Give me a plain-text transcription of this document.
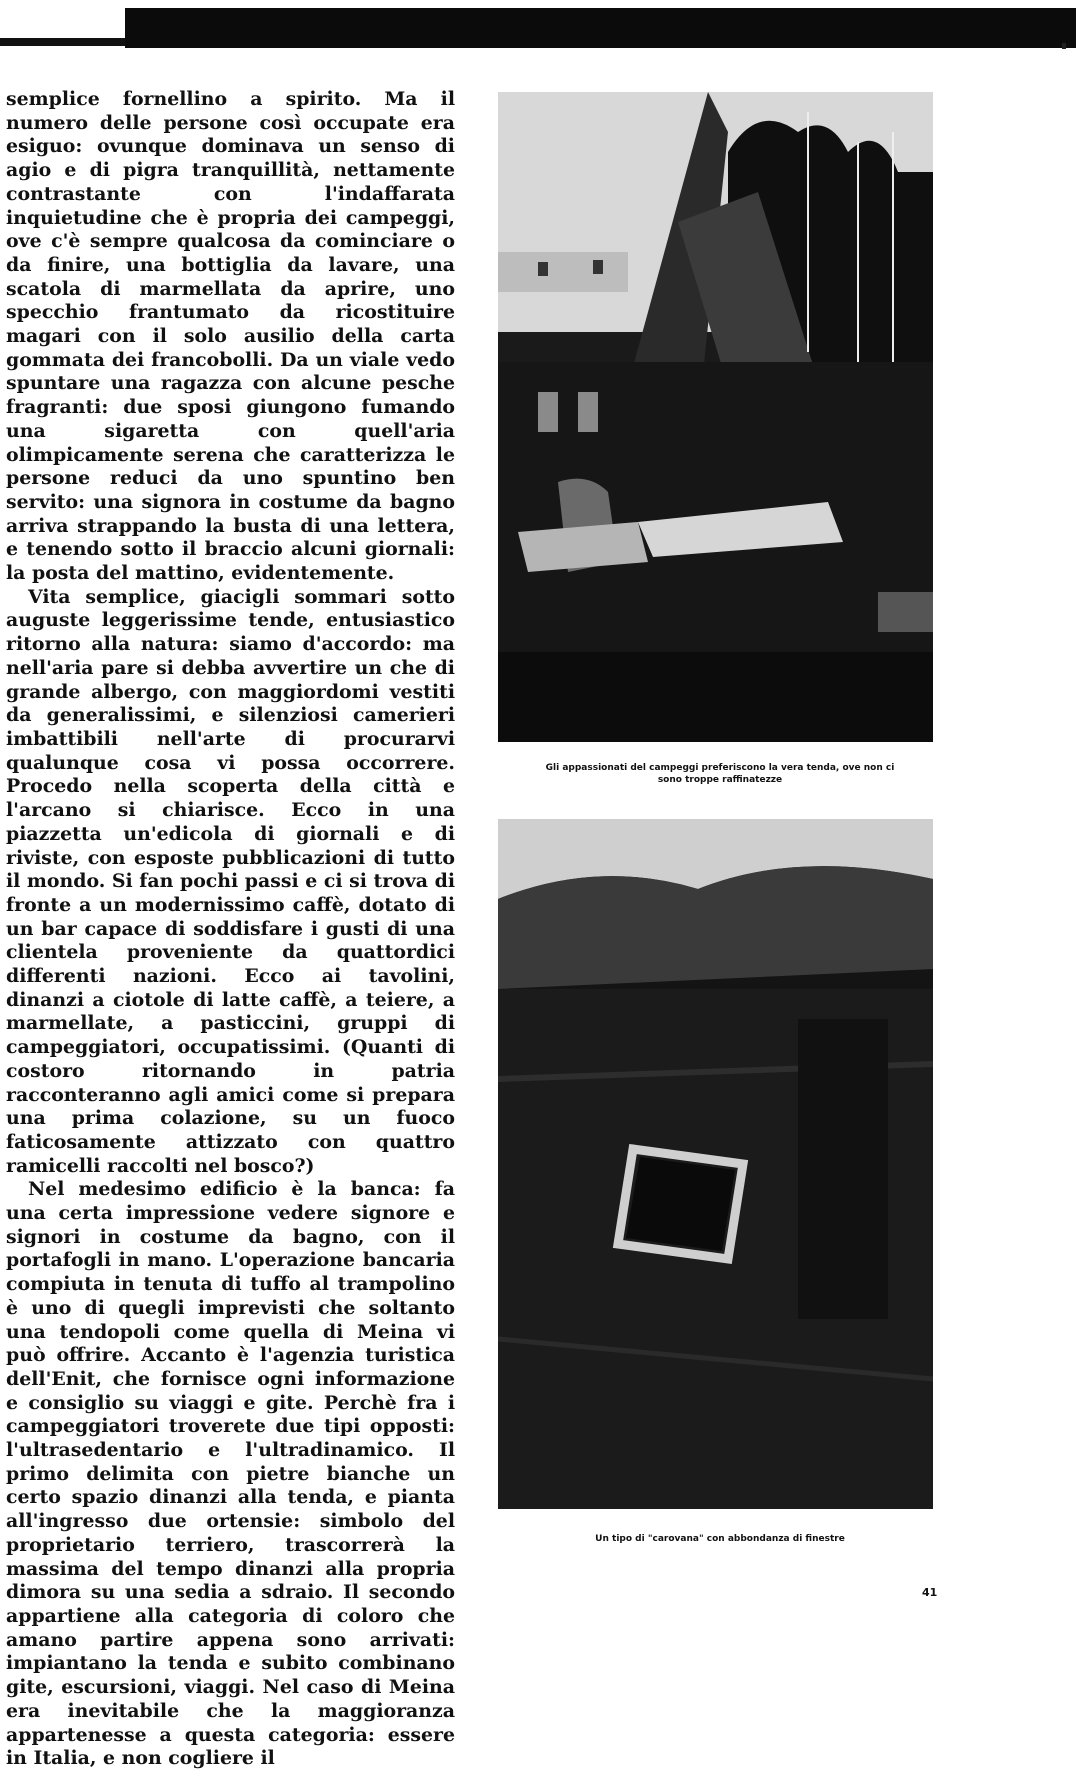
semplice fornellino a spirito. Ma il numero delle persone così occupate era esiguo: ovunque dominava un senso di agio e di pigra tranquillità, nettamente contrastante con l'indaffarata inquietudine che è propria dei campeggi, ove c'è sempre qualcosa da cominciare o da finire, una bottiglia da lavare, una scatola di marmellata da aprire, uno specchio frantumato da ricostituire magari con il solo ausilio della carta gommata dei francobolli. Da un viale vedo spuntare una ragazza con alcune pesche fragranti: due sposi giungono fumando una sigaretta con quell'aria olimpicamente serena che caratterizza le persone reduci da uno spuntino ben servito: una signora in costume da bagno arriva strappando la busta di una lettera, e tenendo sotto il braccio alcuni giornali: la posta del mattino, evidentemente.

Vita semplice, giacigli sommari sotto auguste leggerissime tende, entusiastico ritorno alla natura: siamo d'accordo: ma nell'aria pare si debba avvertire un che di grande albergo, con maggiordomi vestiti da generalissimi, e silenziosi camerieri imbattibili nell'arte di procurarvi qualunque cosa vi possa occorrere. Procedo nella scoperta della città e l'arcano si chiarisce. Ecco in una piazzetta un'edicola di giornali e di riviste, con esposte pubblicazioni di tutto il mondo. Si fan pochi passi e ci si trova di fronte a un modernissimo caffè, dotato di un bar capace di soddisfare i gusti di una clientela proveniente da quattordici differenti nazioni. Ecco ai tavolini, dinanzi a ciotole di latte caffè, a teiere, a marmellate, a pasticcini, gruppi di campeggiatori, occupatissimi. (Quanti di costoro ritornando in patria racconteranno agli amici come si prepara una prima colazione, su un fuoco faticosamente attizzato con quattro ramicelli raccolti nel bosco?)

Nel medesimo edificio è la banca: fa una certa impressione vedere signore e signori in costume da bagno, con il portafogli in mano. L'operazione bancaria compiuta in tenuta di tuffo al trampolino è uno di quegli imprevisti che soltanto una tendopoli come quella di Meina vi può offrire. Accanto è l'agenzia turistica dell'Enit, che fornisce ogni informazione e consiglio su viaggi e gite. Perchè fra i campeggiatori troverete due tipi opposti: l'ultrasedentario e l'ultradinamico. Il primo delimita con pietre bianche un certo spazio dinanzi alla tenda, e pianta all'ingresso due ortensie: simbolo del proprietario terriero, trascorrerà la massima del tempo dinanzi alla propria dimora su una sedia a sdraio. Il secondo appartiene alla categoria di coloro che amano partire appena sono arrivati: impiantano la tenda e subito combinano gite, escursioni, viaggi. Nel caso di Meina era inevitabile che la maggioranza appartenesse a questa categoria: essere in Italia, e non cogliere il

Gli appassionati del campeggi preferiscono la vera tenda, ove non ci sono troppe raffinatezze
Un tipo di "carovana" con abbondanza di finestre
41
